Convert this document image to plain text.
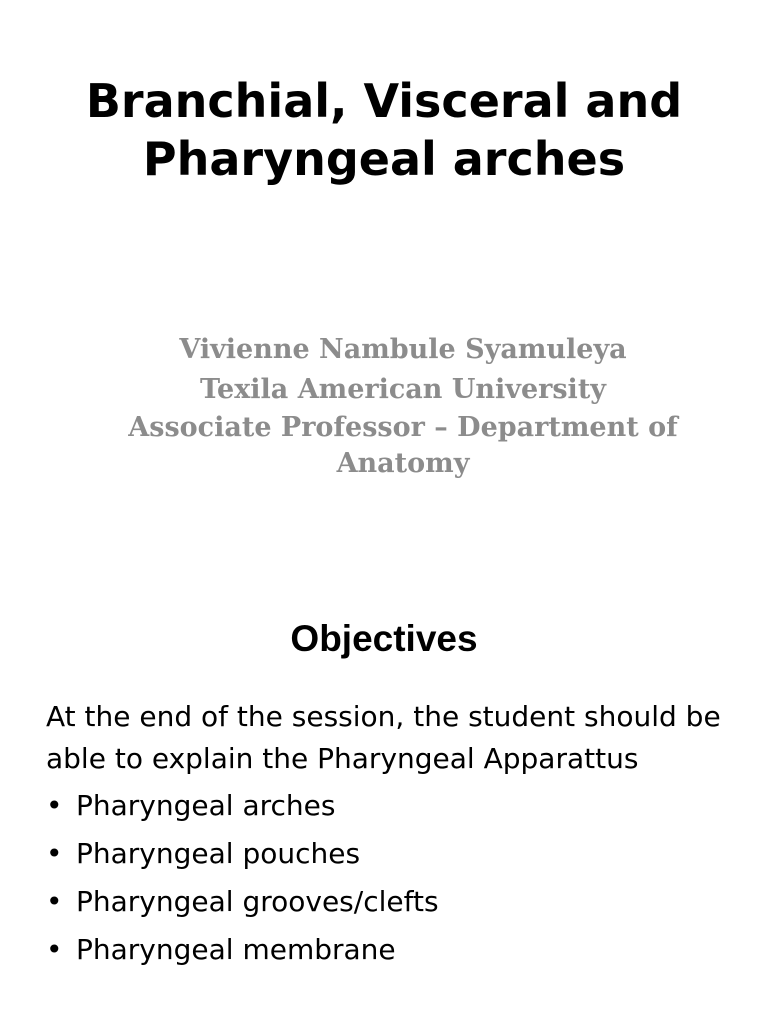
Branchial, Visceral and
Pharyngeal arches
Vivienne Nambule Syamuleya
Texila American University
Associate Professor – Department of
Anatomy
Objectives

At the end of the session, the student should be able to explain the Pharyngeal Apparattus

• Pharyngeal arches
• Pharyngeal pouches
• Pharyngeal grooves/clefts
• Pharyngeal membrane
